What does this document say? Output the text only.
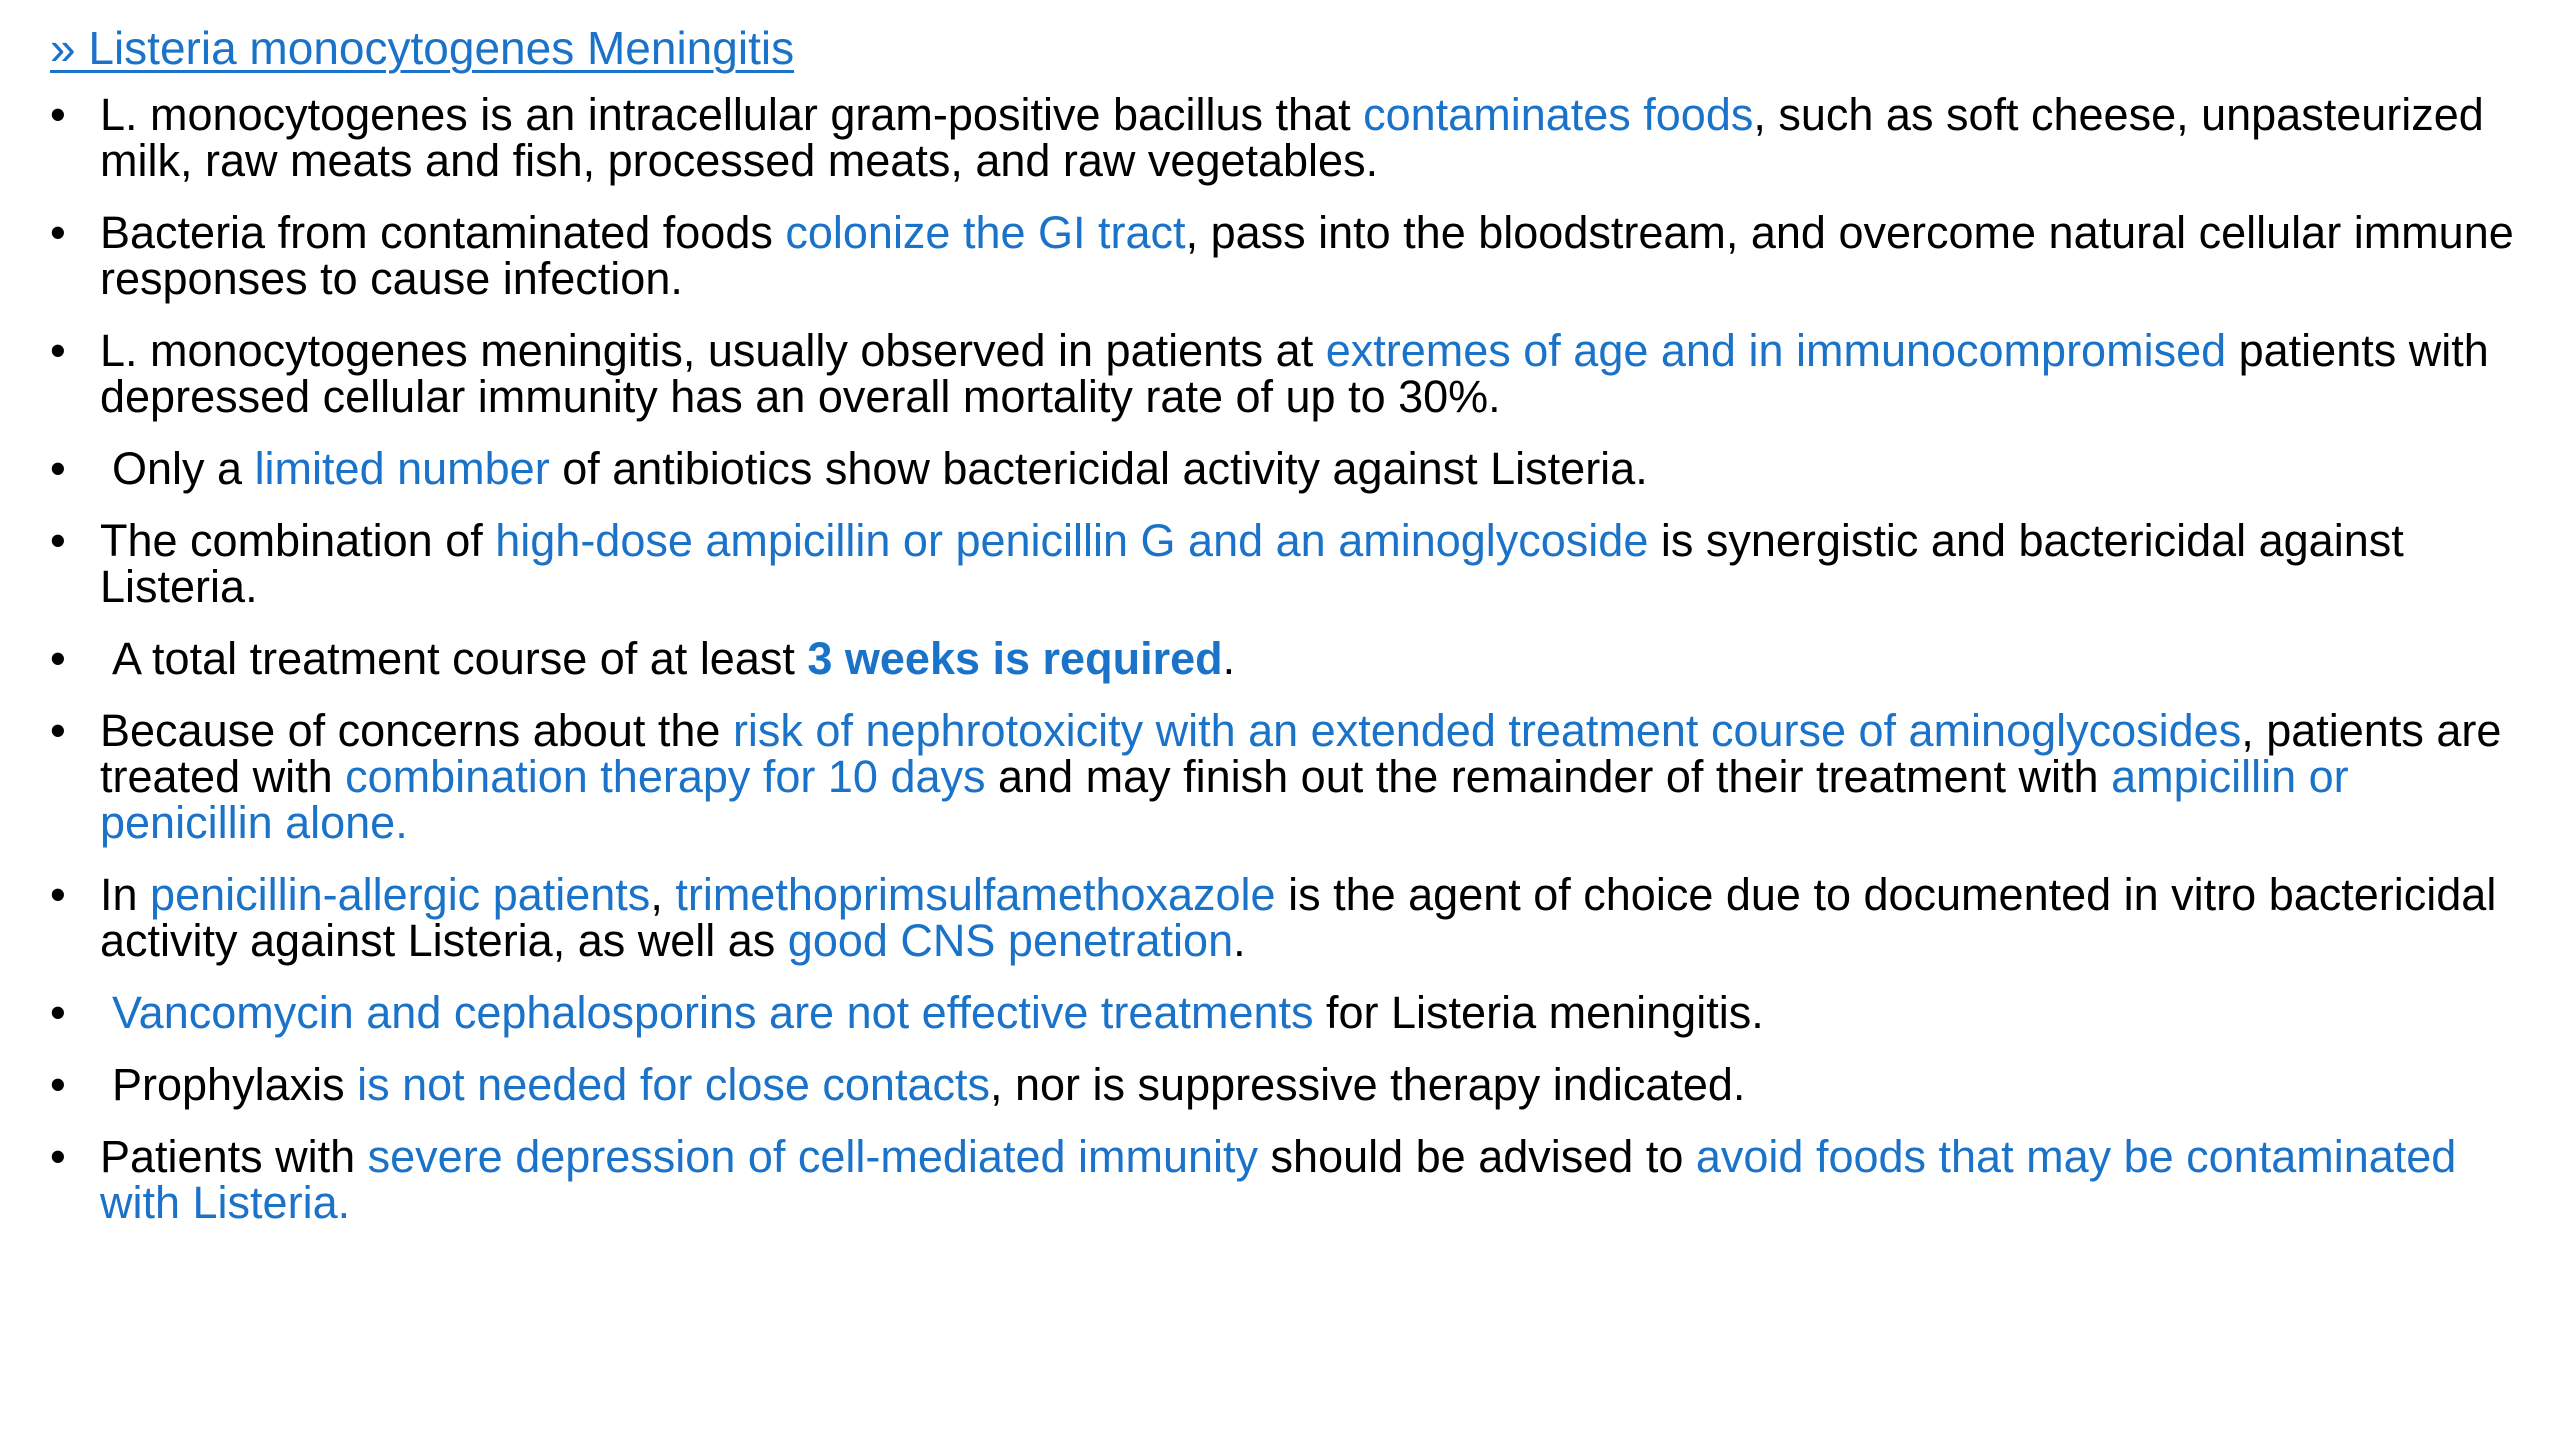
» Listeria monocytogenes Meningitis
• L. monocytogenes is an intracellular gram-positive bacillus that contaminates foods, such as soft cheese, unpasteurized milk, raw meats and fish, processed meats, and raw vegetables.
• Bacteria from contaminated foods colonize the GI tract, pass into the bloodstream, and overcome natural cellular immune responses to cause infection.
• L. monocytogenes meningitis, usually observed in patients at extremes of age and in immunocompromised patients with depressed cellular immunity has an overall mortality rate of up to 30%.
•	Only a limited number of antibiotics show bactericidal activity against Listeria.
• The combination of high-dose ampicillin or penicillin G and an aminoglycoside is synergistic and bactericidal against Listeria.
•	A total treatment course of at least 3 weeks is required.
• Because of concerns about the risk of nephrotoxicity with an extended treatment course of aminoglycosides, patients are treated with combination therapy for 10 days and may finish out the remainder of their treatment with ampicillin or penicillin alone.
• In penicillin-allergic patients, trimethoprimsulfamethoxazole is the agent of choice due to documented in vitro bactericidal activity against Listeria, as well as good CNS penetration.
•	Vancomycin and cephalosporins are not effective treatments for Listeria meningitis.
•	Prophylaxis is not needed for close contacts, nor is suppressive therapy indicated.
• Patients with severe depression of cell-mediated immunity should be advised to avoid foods that may be contaminated with Listeria.
